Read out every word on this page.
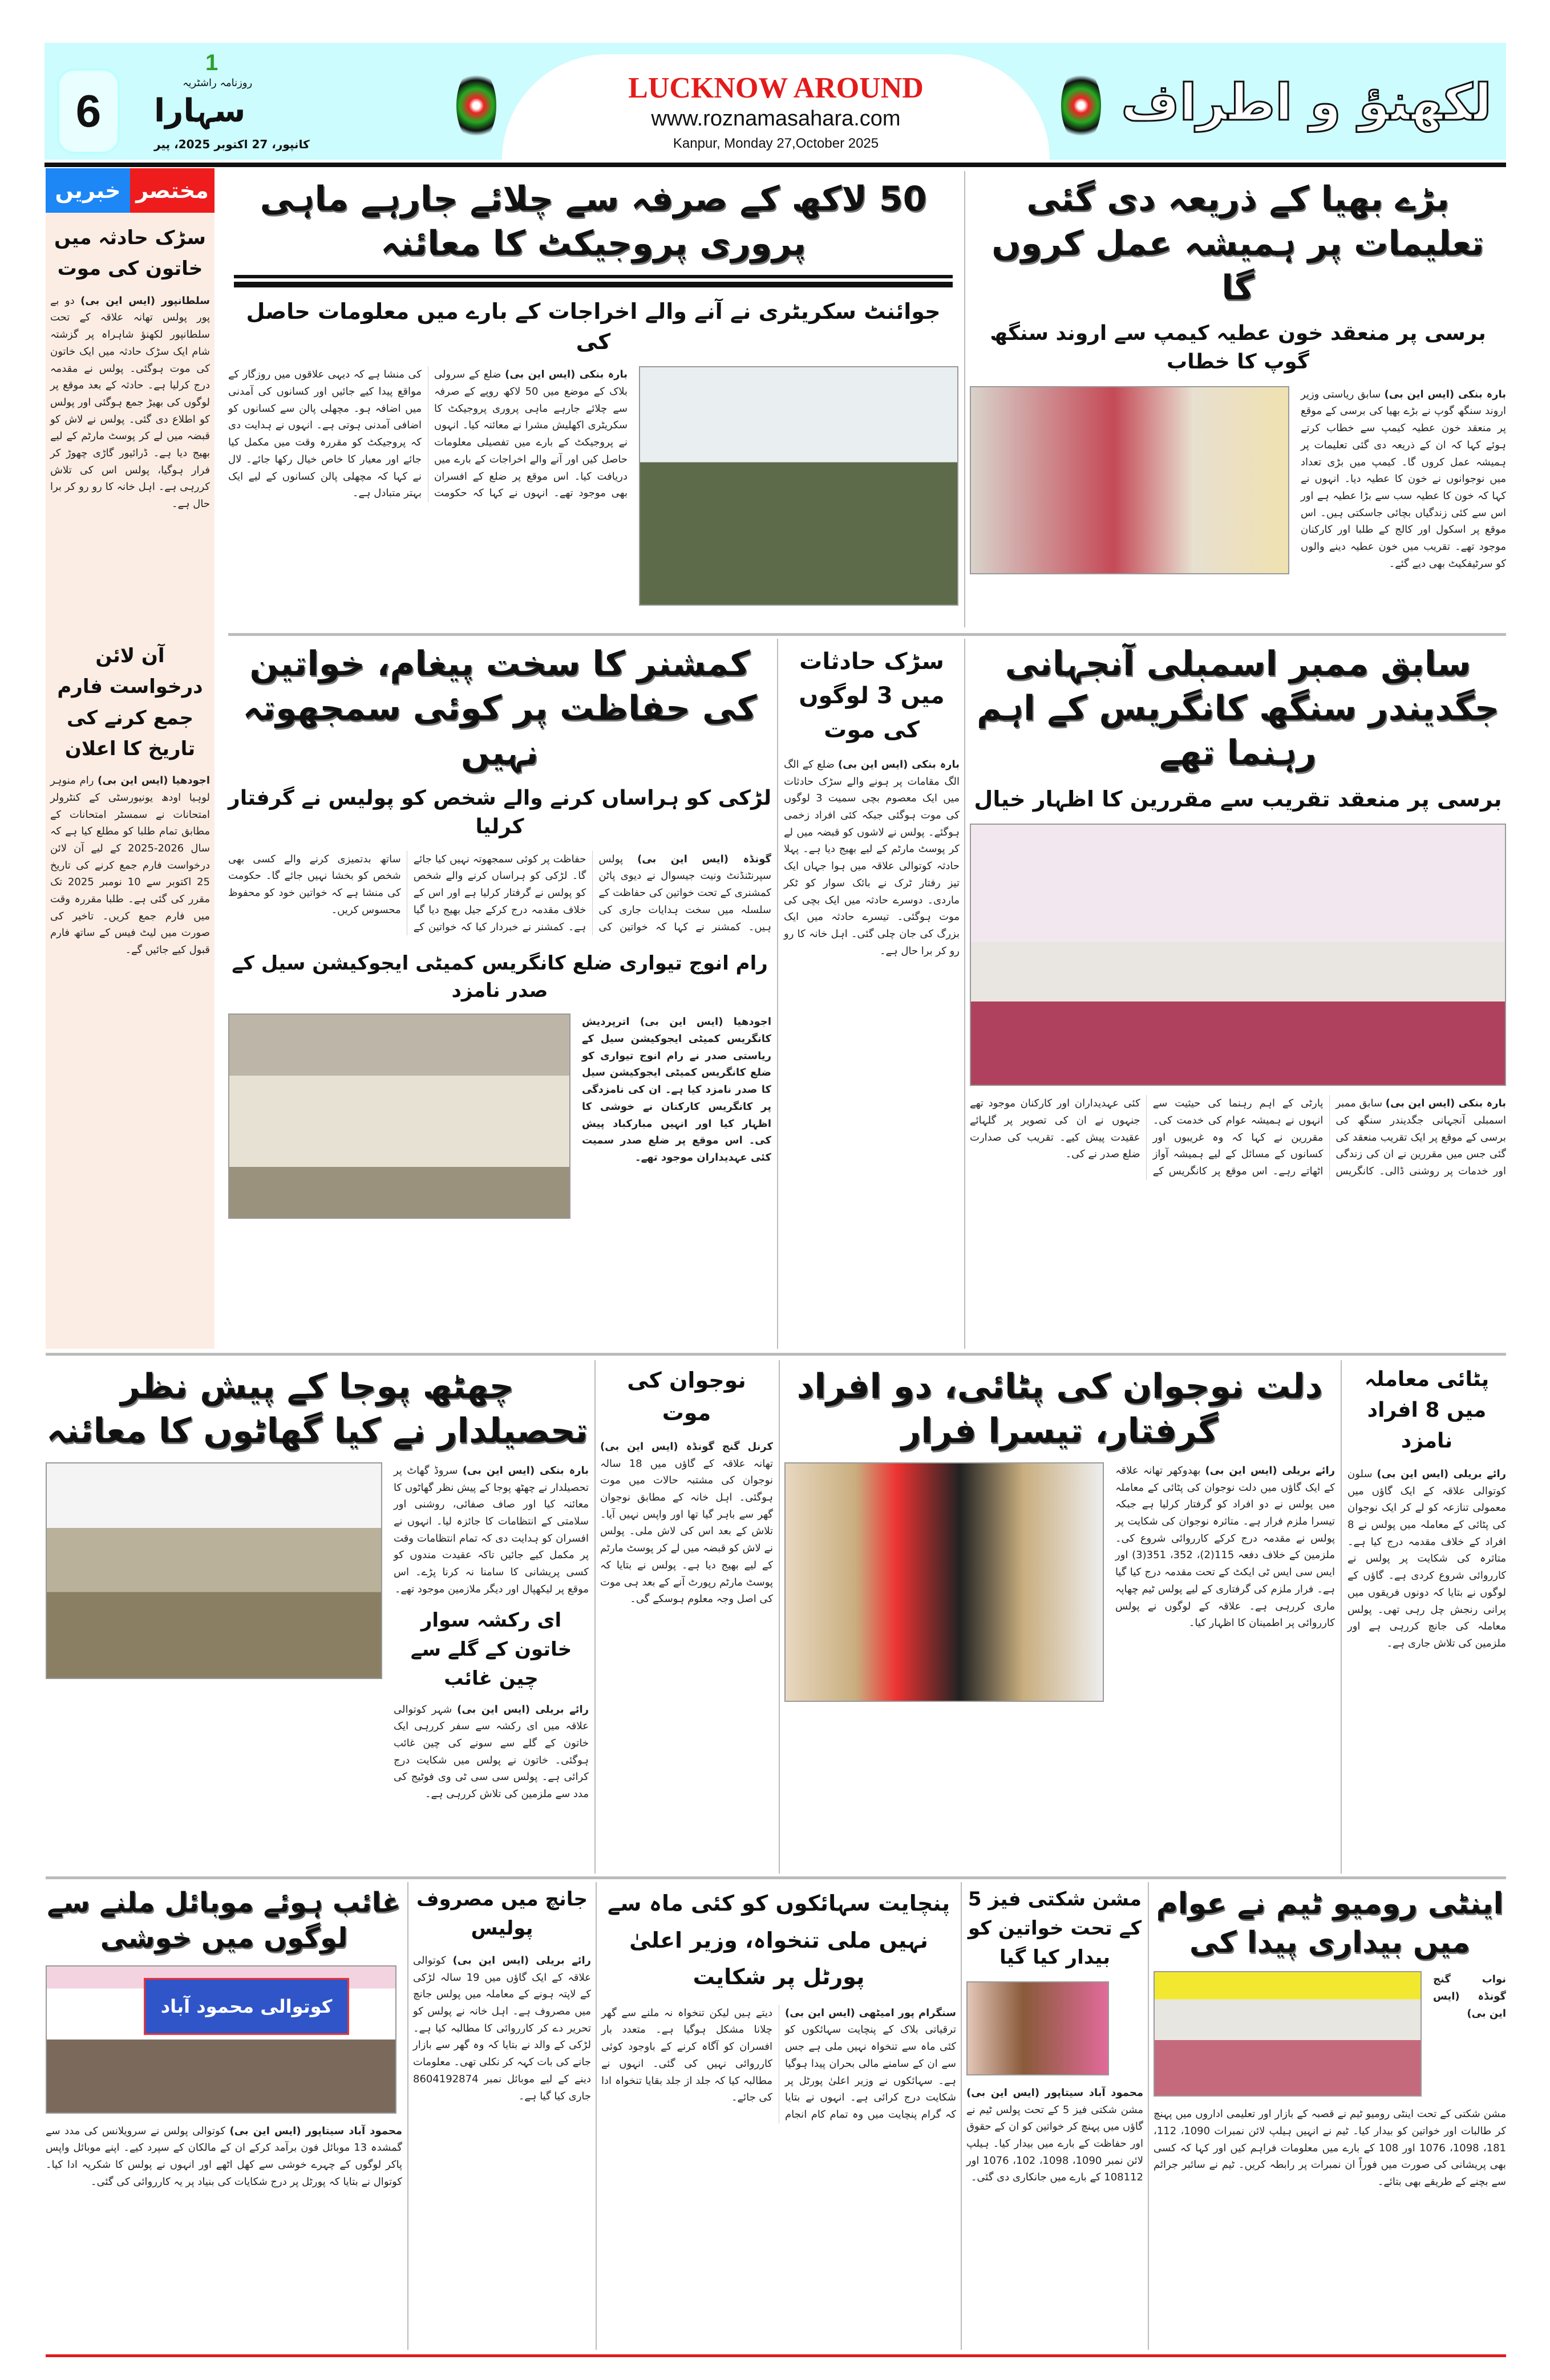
6
1
روزنامہ راشٹریہ
سہارا
کانپور، 27 اکتوبر 2025، پیر
LUCKNOW AROUND
www.roznamasahara.com
Kanpur, Monday 27,October 2025
لکھنؤ و اطراف
خبریں مختصر
سڑک حادثہ میں خاتون کی موت
سلطانپور (ایس این بی) دو بے پور پولس تھانہ علاقہ کے تحت سلطانپور لکھنؤ شاہراہ پر گزشتہ شام ایک سڑک حادثہ میں ایک خاتون کی موت ہوگئی۔ پولس نے مقدمہ درج کرلیا ہے۔ حادثہ کے بعد موقع پر لوگوں کی بھیڑ جمع ہوگئی اور پولس کو اطلاع دی گئی۔ پولس نے لاش کو قبضہ میں لے کر پوسٹ مارٹم کے لیے بھیج دیا ہے۔ ڈرائیور گاڑی چھوڑ کر فرار ہوگیا، پولس اس کی تلاش کررہی ہے۔ اہل خانہ کا رو رو کر برا حال ہے۔
آن لائن درخواست فارم جمع کرنے کی تاریخ کا اعلان
اجودھیا (ایس این بی) رام منوہر لوہیا اودھ یونیورسٹی کے کنٹرولر امتحانات نے سمسٹر امتحانات کے مطابق تمام طلبا کو مطلع کیا ہے کہ سال 2026-2025 کے لیے آن لائن درخواست فارم جمع کرنے کی تاریخ 25 اکتوبر سے 10 نومبر 2025 تک مقرر کی گئی ہے۔ طلبا مقررہ وقت میں فارم جمع کریں۔ تاخیر کی صورت میں لیٹ فیس کے ساتھ فارم قبول کیے جائیں گے۔
50 لاکھ کے صرفہ سے چلائے جارہے ماہی پروری پروجیکٹ کا معائنہ
جوائنٹ سکریٹری نے آنے والے اخراجات کے بارے میں معلومات حاصل کی
بارہ بنکی (ایس این بی) ضلع کے سرولی بلاک کے موضع میں 50 لاکھ روپے کے صرفہ سے چلائے جارہے ماہی پروری پروجیکٹ کا سکریٹری اکھلیش مشرا نے معائنہ کیا۔ انہوں نے پروجیکٹ کے بارے میں تفصیلی معلومات حاصل کیں اور آنے والے اخراجات کے بارے میں دریافت کیا۔ اس موقع پر ضلع کے افسران بھی موجود تھے۔ انہوں نے کہا کہ حکومت کی منشا ہے کہ دیہی علاقوں میں روزگار کے مواقع پیدا کیے جائیں اور کسانوں کی آمدنی میں اضافہ ہو۔ مچھلی پالن سے کسانوں کو اضافی آمدنی ہوتی ہے۔ انہوں نے ہدایت دی کہ پروجیکٹ کو مقررہ وقت میں مکمل کیا جائے اور معیار کا خاص خیال رکھا جائے۔ لال نے کہا کہ مچھلی پالن کسانوں کے لیے ایک بہتر متبادل ہے۔
بڑے بھیا کے ذریعہ دی گئی تعلیمات پر ہمیشہ عمل کروں گا
برسی پر منعقد خون عطیہ کیمپ سے اروند سنگھ گوپ کا خطاب
بارہ بنکی (ایس این بی) سابق ریاستی وزیر اروند سنگھ گوپ نے بڑے بھیا کی برسی کے موقع پر منعقد خون عطیہ کیمپ سے خطاب کرتے ہوئے کہا کہ ان کے ذریعہ دی گئی تعلیمات پر ہمیشہ عمل کروں گا۔ کیمپ میں بڑی تعداد میں نوجوانوں نے خون کا عطیہ دیا۔ انہوں نے کہا کہ خون کا عطیہ سب سے بڑا عطیہ ہے اور اس سے کئی زندگیاں بچائی جاسکتی ہیں۔ اس موقع پر اسکول اور کالج کے طلبا اور کارکنان موجود تھے۔ تقریب میں خون عطیہ دینے والوں کو سرٹیفکیٹ بھی دیے گئے۔
سابق ممبر اسمبلی آنجہانی جگدیندر سنگھ کانگریس کے اہم رہنما تھے
برسی پر منعقد تقریب سے مقررین کا اظہار خیال
بارہ بنکی (ایس این بی) سابق ممبر اسمبلی آنجہانی جگدیندر سنگھ کی برسی کے موقع پر ایک تقریب منعقد کی گئی جس میں مقررین نے ان کی زندگی اور خدمات پر روشنی ڈالی۔ کانگریس پارٹی کے اہم رہنما کی حیثیت سے انہوں نے ہمیشہ عوام کی خدمت کی۔ مقررین نے کہا کہ وہ غریبوں اور کسانوں کے مسائل کے لیے ہمیشہ آواز اٹھاتے رہے۔ اس موقع پر کانگریس کے کئی عہدیداران اور کارکنان موجود تھے جنہوں نے ان کی تصویر پر گلہائے عقیدت پیش کیے۔ تقریب کی صدارت ضلع صدر نے کی۔
سڑک حادثات میں 3 لوگوں کی موت
بارہ بنکی (ایس این بی) ضلع کے الگ الگ مقامات پر ہونے والے سڑک حادثات میں ایک معصوم بچی سمیت 3 لوگوں کی موت ہوگئی جبکہ کئی افراد زخمی ہوگئے۔ پولس نے لاشوں کو قبضہ میں لے کر پوسٹ مارٹم کے لیے بھیج دیا ہے۔ پہلا حادثہ کوتوالی علاقہ میں ہوا جہاں ایک تیز رفتار ٹرک نے بائک سوار کو ٹکر ماردی۔ دوسرے حادثہ میں ایک بچی کی موت ہوگئی۔ تیسرے حادثہ میں ایک بزرگ کی جان چلی گئی۔ اہل خانہ کا رو رو کر برا حال ہے۔
کمشنر کا سخت پیغام، خواتین کی حفاظت پر کوئی سمجھوتہ نہیں
لڑکی کو ہراساں کرنے والے شخص کو پولیس نے گرفتار کرلیا
گونڈہ (ایس این بی) پولس سپرنٹنڈنٹ ونیت جیسوال نے دیوی پاٹن کمشنری کے تحت خواتین کی حفاظت کے سلسلہ میں سخت ہدایات جاری کی ہیں۔ کمشنر نے کہا کہ خواتین کی حفاظت پر کوئی سمجھوتہ نہیں کیا جائے گا۔ لڑکی کو ہراساں کرنے والے شخص کو پولس نے گرفتار کرلیا ہے اور اس کے خلاف مقدمہ درج کرکے جیل بھیج دیا گیا ہے۔ کمشنر نے خبردار کیا کہ خواتین کے ساتھ بدتمیزی کرنے والے کسی بھی شخص کو بخشا نہیں جائے گا۔ حکومت کی منشا ہے کہ خواتین خود کو محفوظ محسوس کریں۔
رام انوج تیواری ضلع کانگریس کمیٹی ایجوکیشن سیل کے صدر نامزد
اجودھیا (ایس این بی) اترپردیش کانگریس کمیٹی ایجوکیشن سیل کے ریاستی صدر نے رام انوج تیواری کو ضلع کانگریس کمیٹی ایجوکیشن سیل کا صدر نامزد کیا ہے۔ ان کی نامزدگی پر کانگریس کارکنان نے خوشی کا اظہار کیا اور انہیں مبارکباد پیش کی۔ اس موقع پر ضلع صدر سمیت کئی عہدیداران موجود تھے۔
پٹائی معاملہ میں 8 افراد نامزد
رائے بریلی (ایس این بی) سلون کوتوالی علاقہ کے ایک گاؤں میں معمولی تنازعہ کو لے کر ایک نوجوان کی پٹائی کے معاملہ میں پولس نے 8 افراد کے خلاف مقدمہ درج کیا ہے۔ متاثرہ کی شکایت پر پولس نے کارروائی شروع کردی ہے۔ گاؤں کے لوگوں نے بتایا کہ دونوں فریقوں میں پرانی رنجش چل رہی تھی۔ پولس معاملہ کی جانچ کررہی ہے اور ملزمین کی تلاش جاری ہے۔
دلت نوجوان کی پٹائی، دو افراد گرفتار، تیسرا فرار
رائے بریلی (ایس این بی) بھدوکھر تھانہ علاقہ کے ایک گاؤں میں دلت نوجوان کی پٹائی کے معاملہ میں پولس نے دو افراد کو گرفتار کرلیا ہے جبکہ تیسرا ملزم فرار ہے۔ متاثرہ نوجوان کی شکایت پر پولس نے مقدمہ درج کرکے کارروائی شروع کی۔ ملزمین کے خلاف دفعہ 115(2)، 352، 351(3) اور ایس سی ایس ٹی ایکٹ کے تحت مقدمہ درج کیا گیا ہے۔ فرار ملزم کی گرفتاری کے لیے پولس ٹیم چھاپہ ماری کررہی ہے۔ علاقہ کے لوگوں نے پولس کارروائی پر اطمینان کا اظہار کیا۔
نوجوان کی موت
کرنل گنج گونڈہ (ایس این بی) تھانہ علاقہ کے گاؤں میں 18 سالہ نوجوان کی مشتبہ حالات میں موت ہوگئی۔ اہل خانہ کے مطابق نوجوان گھر سے باہر گیا تھا اور واپس نہیں آیا۔ تلاش کے بعد اس کی لاش ملی۔ پولس نے لاش کو قبضہ میں لے کر پوسٹ مارٹم کے لیے بھیج دیا ہے۔ پولس نے بتایا کہ پوسٹ مارٹم رپورٹ آنے کے بعد ہی موت کی اصل وجہ معلوم ہوسکے گی۔
چھٹھ پوجا کے پیش نظر تحصیلدار نے کیا گھاٹوں کا معائنہ
بارہ بنکی (ایس این بی) سروڈ گھاٹ پر تحصیلدار نے چھٹھ پوجا کے پیش نظر گھاٹوں کا معائنہ کیا اور صاف صفائی، روشنی اور سلامتی کے انتظامات کا جائزہ لیا۔ انہوں نے افسران کو ہدایت دی کہ تمام انتظامات وقت پر مکمل کیے جائیں تاکہ عقیدت مندوں کو کسی پریشانی کا سامنا نہ کرنا پڑے۔ اس موقع پر لیکھپال اور دیگر ملازمین موجود تھے۔
ای رکشہ سوار خاتون کے گلے سے چین غائب
رائے بریلی (ایس این بی) شہر کوتوالی علاقہ میں ای رکشہ سے سفر کررہی ایک خاتون کے گلے سے سونے کی چین غائب ہوگئی۔ خاتون نے پولس میں شکایت درج کرائی ہے۔ پولس سی سی ٹی وی فوٹیج کی مدد سے ملزمین کی تلاش کررہی ہے۔
اینٹی رومیو ٹیم نے عوام میں بیداری پیدا کی
نواب گنج گونڈہ (ایس این بی)
مشن شکتی کے تحت اینٹی رومیو ٹیم نے قصبہ کے بازار اور تعلیمی اداروں میں پہنچ کر طالبات اور خواتین کو بیدار کیا۔ ٹیم نے انہیں ہیلپ لائن نمبرات 1090، 112، 181، 1098، 1076 اور 108 کے بارے میں معلومات فراہم کیں اور کہا کہ کسی بھی پریشانی کی صورت میں فوراً ان نمبرات پر رابطہ کریں۔ ٹیم نے سائبر جرائم سے بچنے کے طریقے بھی بتائے۔
مشن شکتی فیز 5 کے تحت خواتین کو بیدار کیا گیا
محمود آباد سیتاپور (ایس این بی) مشن شکتی فیز 5 کے تحت پولس ٹیم نے گاؤں میں پہنچ کر خواتین کو ان کے حقوق اور حفاظت کے بارے میں بیدار کیا۔ ہیلپ لائن نمبر 1090، 1098، 102، 1076 اور 108112 کے بارے میں جانکاری دی گئی۔
پنچایت سہائکوں کو کئی ماہ سے نہیں ملی تنخواہ، وزیر اعلیٰ پورٹل پر شکایت
سنگرام پور امیٹھی (ایس این بی) ترقیاتی بلاک کے پنچایت سہائکوں کو کئی ماہ سے تنخواہ نہیں ملی ہے جس سے ان کے سامنے مالی بحران پیدا ہوگیا ہے۔ سہائکوں نے وزیر اعلیٰ پورٹل پر شکایت درج کرائی ہے۔ انہوں نے بتایا کہ گرام پنچایت میں وہ تمام کام انجام دیتے ہیں لیکن تنخواہ نہ ملنے سے گھر چلانا مشکل ہوگیا ہے۔ متعدد بار افسران کو آگاہ کرنے کے باوجود کوئی کارروائی نہیں کی گئی۔ انہوں نے مطالبہ کیا کہ جلد از جلد بقایا تنخواہ ادا کی جائے۔
جانچ میں مصروف پولیس
رائے بریلی (ایس این بی) کوتوالی علاقہ کے ایک گاؤں میں 19 سالہ لڑکی کے لاپتہ ہونے کے معاملہ میں پولس جانچ میں مصروف ہے۔ اہل خانہ نے پولس کو تحریر دے کر کارروائی کا مطالبہ کیا ہے۔ لڑکی کے والد نے بتایا کہ وہ گھر سے بازار جانے کی بات کہہ کر نکلی تھی۔ معلومات دینے کے لیے موبائل نمبر 8604192874 جاری کیا گیا ہے۔
غائب ہوئے موبائل ملنے سے لوگوں میں خوشی
کوتوالی محمود آباد
محمود آباد سیتاپور (ایس این بی) کوتوالی پولس نے سرویلانس کی مدد سے گمشدہ 13 موبائل فون برآمد کرکے ان کے مالکان کے سپرد کیے۔ اپنے موبائل واپس پاکر لوگوں کے چہرے خوشی سے کھل اٹھے اور انہوں نے پولس کا شکریہ ادا کیا۔ کوتوال نے بتایا کہ پورٹل پر درج شکایات کی بنیاد پر یہ کارروائی کی گئی۔
